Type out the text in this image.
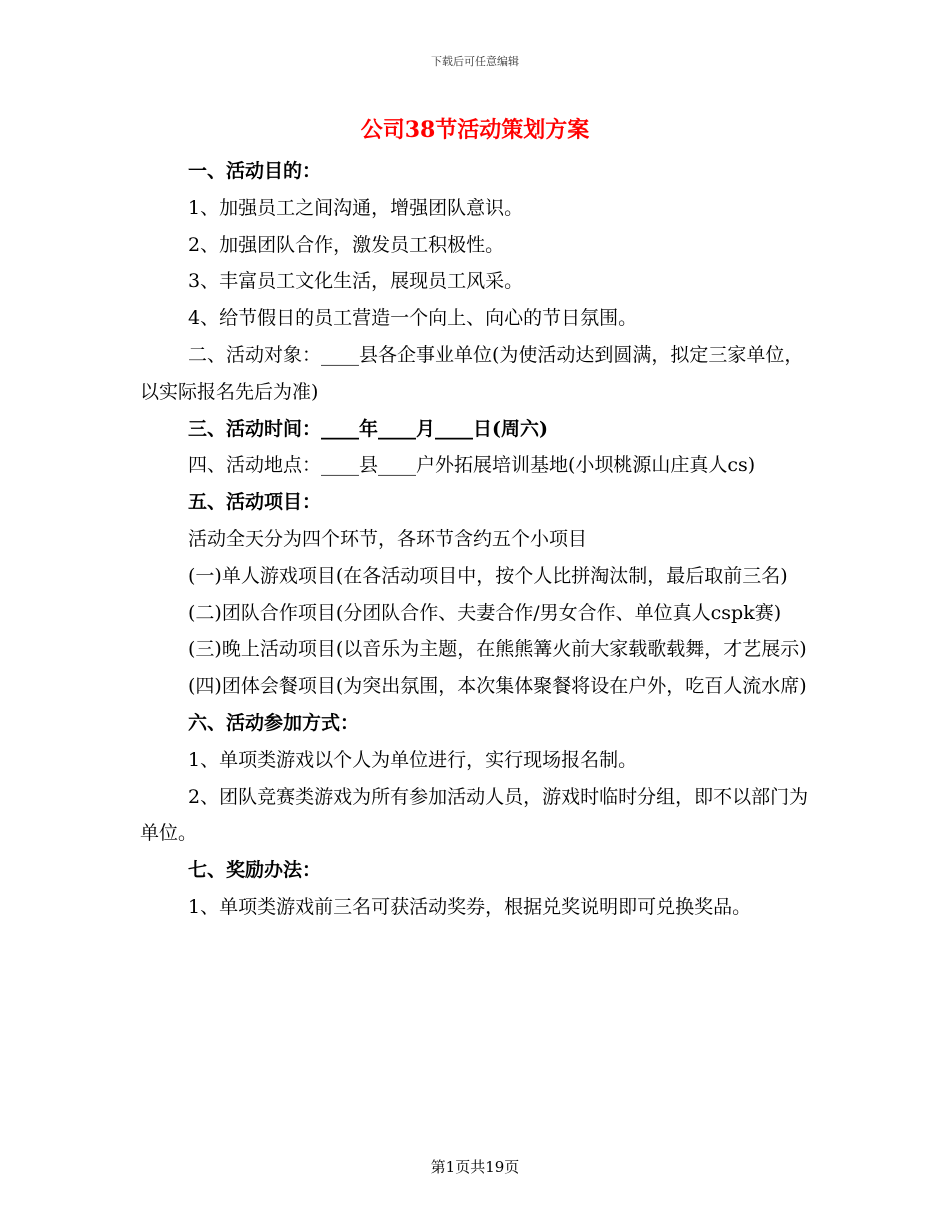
下载后可任意编辑
公司38节活动策划方案
一、活动目的：
1、加强员工之间沟通，增强团队意识。
2、加强团队合作，激发员工积极性。
3、丰富员工文化生活，展现员工风采。
4、给节假日的员工营造一个向上、向心的节日氛围。
二、活动对象：____县各企事业单位(为使活动达到圆满，拟定三家单位，以实际报名先后为准)
三、活动时间：____年____月____日(周六)
四、活动地点：____县____户外拓展培训基地(小坝桃源山庄真人cs)
五、活动项目：
活动全天分为四个环节，各环节含约五个小项目
(一)单人游戏项目(在各活动项目中，按个人比拼淘汰制，最后取前三名)
(二)团队合作项目(分团队合作、夫妻合作/男女合作、单位真人cspk赛)
(三)晚上活动项目(以音乐为主题，在熊熊篝火前大家载歌载舞，才艺展示)
(四)团体会餐项目(为突出氛围，本次集体聚餐将设在户外，吃百人流水席)
六、活动参加方式：
1、单项类游戏以个人为单位进行，实行现场报名制。
2、团队竞赛类游戏为所有参加活动人员，游戏时临时分组，即不以部门为单位。
七、奖励办法：
1、单项类游戏前三名可获活动奖券，根据兑奖说明即可兑换奖品。
第1页共19页
